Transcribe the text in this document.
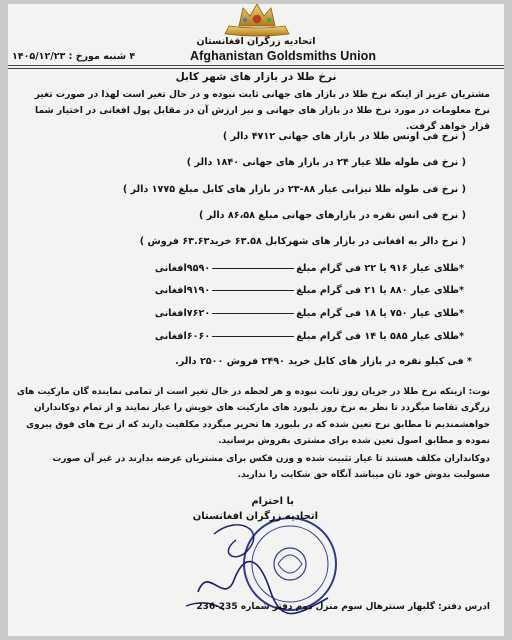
اتحادیه زرگران افغانستان
۴ شنبه مورخ : ۱۴۰۵/۱۲/۲۳	Afghanistan Goldsmiths Union
نرخ طلا در بازار های شهر کابل
مشتریان عزیز از اینکه نرخ طلا در بازار های جهانی ثابت نبوده و در حال تغیر است لهذا در صورت تغیر نرخ معلومات در مورد نرخ طلا در بازار های جهانی و نیز ارزش آن در مقابل پول افغانی در اختیار شما قرار خواهد گرفت.
( نرخ فی اونس طلا در بازار های جهانی ۴۷۱۲ دالر )
( نرخ فی طوله طلا عیار ۲۴ در بازار های جهانی ۱۸۴۰ دالر )
( نرخ فی طوله طلا تیزابی عیار ۸۸-۲۳ در بازار های کابل مبلغ ۱۷۷۵ دالر )
( نرخ فی انس نقره در بازارهای جهانی مبلغ ۸۶،۵۸ دالر )
( نرخ دالر به افغانی در بازار های شهرکابل ۶۳.۵۸ خرید۶۳.۶۳ فروش )
*طلای عیار ۹۱۶ یا ۲۲ فی گرام مبلغ۹۵۹۰افغانی
*طلای عیار ۸۸۰ یا ۲۱ فی گرام مبلغ۹۱۹۰افغانی
*طلای عیار ۷۵۰ یا ۱۸ فی گرام مبلغ۷۶۲۰افغانی
*طلای عیار ۵۸۵ یا ۱۴ فی گرام مبلغ۶۰۶۰افغانی
* فی کیلو نقره در بازار های کابل خرید ۲۴۹۰ فروش ۲۵۰۰ دالر.
نوت: ازینکه نرخ طلا در جریان روز ثابت نبوده و هر لحظه در حال تغیر است از تمامی نماینده گان مارکیت های زرگری تقاضا میگردد تا نظر به نرخ روز بلبورد های مارکیت های خویش را عیار نمایند و از تمام دوکانداران خواهشمندیم تا مطابق نرخ تعین شده که در بلبورد ها تحریر میگردد مکلفیت دارند که از نرخ های فوق پیروی نموده و مطابق اصول تعین شده برای مشتری بفروش برسانید.
دوکانداران مکلف هستند تا عیار تثبیت شده و وزن فکس برای مشتریان عرضه بدارند در غیر آن صورت مسولیت بدوش خود تان میباشد آنگاه حق شکایت را ندارید.
با احترام
اتحادیه زرگران افغانستان
ادرس دفتر: گلبهار سنترهال سوم منزل دوم دفتر شماره 235-236
